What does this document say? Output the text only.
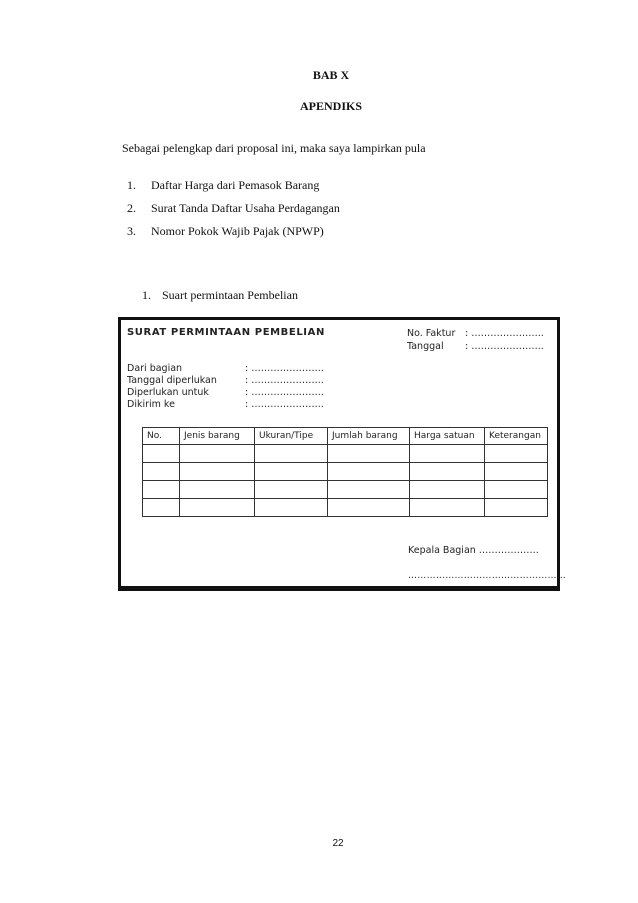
BAB X
APENDIKS
Sebagai pelengkap dari proposal ini, maka saya lampirkan pula
1. Daftar Harga dari Pemasok Barang
2. Surat Tanda Daftar Usaha Perdagangan
3. Nomor Pokok Wajib Pajak (NPWP)
1. Suart permintaan Pembelian
SURAT PERMINTAAN PEMBELIAN	No. Faktur : …………………..
Tanggal : …………………..
Dari bagian	: …………………..
Tanggal diperlukan	: …………………..
Diperlukan untuk	: …………………..
Dikirim ke	: …………………..
No.	Jenis barang	Ukuran/Tipe	Jumlah barang	Harga satuan	Keterangan

Kepala Bagian ……………….
……………………………………………
22
